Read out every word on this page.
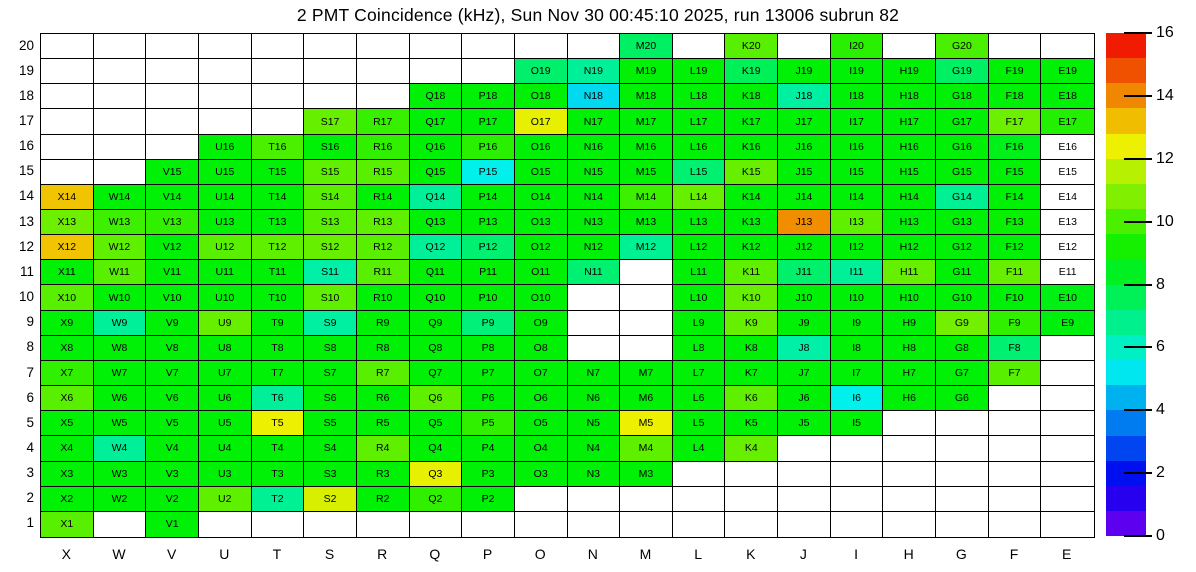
2 PMT Coincidence (kHz), Sun Nov 30 00:45:10 2025, run 13006 subrun 82
M20	K20	I20	G20
O19	N19	M19	L19	K19	J19	I19	H19	G19	F19	E19
Q18	P18	O18	N18	M18	L18	K18	J18	I18	H18	G18	F18	E18
S17	R17	Q17	P17	O17	N17	M17	L17	K17	J17	I17	H17	G17	F17	E17
U16	T16	S16	R16	Q16	P16	O16	N16	M16	L16	K16	J16	I16	H16	G16	F16	E16
V15	U15	T15	S15	R15	Q15	P15	O15	N15	M15	L15	K15	J15	I15	H15	G15	F15	E15
X14	W14	V14	U14	T14	S14	R14	Q14	P14	O14	N14	M14	L14	K14	J14	I14	H14	G14	F14	E14
X13	W13	V13	U13	T13	S13	R13	Q13	P13	O13	N13	M13	L13	K13	J13	I13	H13	G13	F13	E13
X12	W12	V12	U12	T12	S12	R12	Q12	P12	O12	N12	M12	L12	K12	J12	I12	H12	G12	F12	E12
X11	W11	V11	U11	T11	S11	R11	Q11	P11	O11	N11	L11	K11	J11	I11	H11	G11	F11	E11
X10	W10	V10	U10	T10	S10	R10	Q10	P10	O10	L10	K10	J10	I10	H10	G10	F10	E10
X9	W9	V9	U9	T9	S9	R9	Q9	P9	O9	L9	K9	J9	I9	H9	G9	F9	E9
X8	W8	V8	U8	T8	S8	R8	Q8	P8	O8	L8	K8	J8	I8	H8	G8	F8
X7	W7	V7	U7	T7	S7	R7	Q7	P7	O7	N7	M7	L7	K7	J7	I7	H7	G7	F7
X6	W6	V6	U6	T6	S6	R6	Q6	P6	O6	N6	M6	L6	K6	J6	I6	H6	G6
X5	W5	V5	U5	T5	S5	R5	Q5	P5	O5	N5	M5	L5	K5	J5	I5
X4	W4	V4	U4	T4	S4	R4	Q4	P4	O4	N4	M4	L4	K4
X3	W3	V3	U3	T3	S3	R3	Q3	P3	O3	N3	M3
X2	W2	V2	U2	T2	S2	R2	Q2	P2
X1	V1
20
19
18
17
16
15
14
13
12
11
10
9
8
7
6
5
4
3
2
1
X	W	V	U	T	S	R	Q	P	O	N	M	L	K	J	I	H	G	F	E
0
2
4
6
8
10
12
14
16
